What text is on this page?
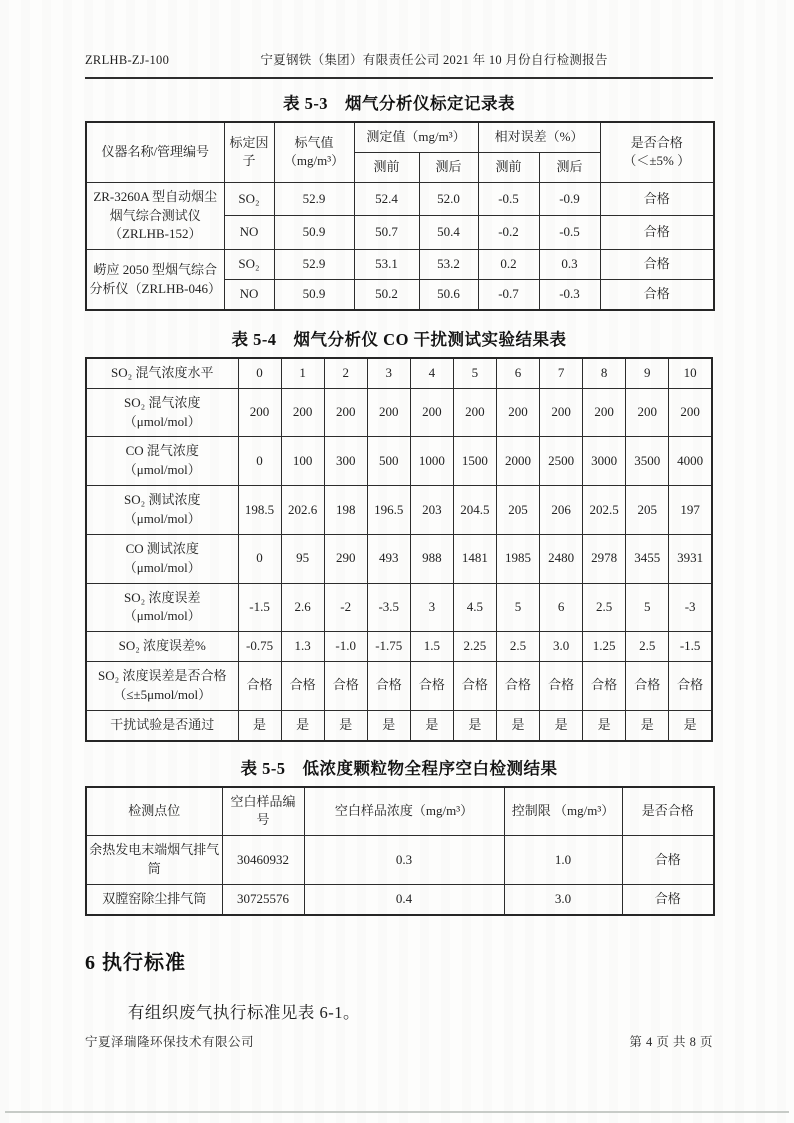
ZRLHB-ZJ-100	宁夏钢铁（集团）有限责任公司 2021 年 10 月份自行检测报告
表 5-3　烟气分析仪标定记录表
仪器名称/管理编号	标定因子	标气值 （mg/m³）	测定值（mg/m³）		相对误差（%）		是否合格
（＜±5% ）

			测前	测后	测前	测后	
ZR-3260A 型自动烟尘烟气综合测试仪（ZRLHB-152）	SO₂	52.9	52.4	52.0	-0.5	-0.9	合格
	NO	50.9	50.7	50.4	-0.2	-0.5	合格
崂应 2050 型烟气综合分析仪（ZRLHB-046）	SO₂	52.9	53.1	53.2	0.2	0.3	合格
	NO	50.9	50.2	50.6	-0.7	-0.3	合格
表 5-4　烟气分析仪 CO 干扰测试实验结果表
SO₂ 混气浓度水平	0	1	2	3	4	5	6	7	8	9	10
SO₂ 混气浓度 （μmol/mol）	200	200	200	200	200	200	200	200	200	200	200
CO 混气浓度 （μmol/mol）	0	100	300	500	1000	1500	2000	2500	3000	3500	4000
SO₂ 测试浓度 （μmol/mol）	198.5	202.6	198	196.5	203	204.5	205	206	202.5	205	197
CO 测试浓度 （μmol/mol）	0	95	290	493	988	1481	1985	2480	2978	3455	3931
SO₂ 浓度误差 （μmol/mol）	-1.5	2.6	-2	-3.5	3	4.5	5	6	2.5	5	-3
SO₂ 浓度误差%	-0.75	1.3	-1.0	-1.75	1.5	2.25	2.5	3.0	1.25	2.5	-1.5
SO₂ 浓度误差是否合格（≤±5μmol/mol）	合格	合格	合格	合格	合格	合格	合格	合格	合格	合格	合格
干扰试验是否通过	是	是	是	是	是	是	是	是	是	是	是
表 5-5　低浓度颗粒物全程序空白检测结果
检测点位	空白样品编号	空白样品浓度（mg/m³）	控制限 （mg/m³）	是否合格
余热发电末端烟气排气筒	30460932	0.3	1.0	合格
双膛窑除尘排气筒	30725576	0.4	3.0	合格
6 执行标准

有组织废气执行标准见表 6-1。

宁夏泽瑞隆环保技术有限公司	第 4 页 共 8 页
